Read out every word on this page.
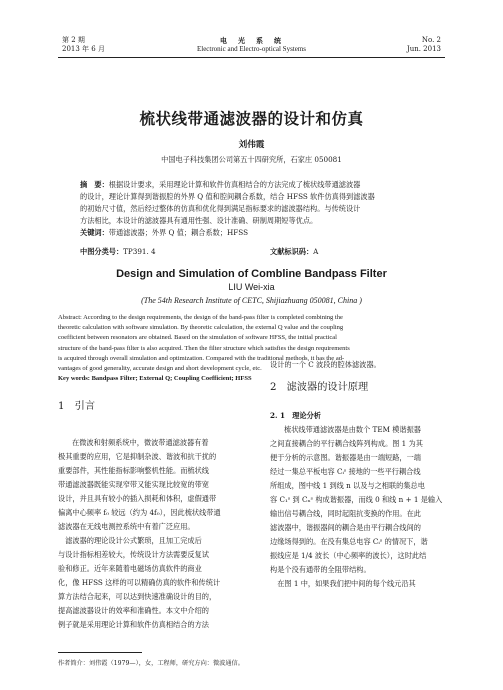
第 2 期
2013 年 6 月
电　光　系　统
Electronic and Electro-optical Systems
No. 2
Jun. 2013
梳状线带通滤波器的设计和仿真
刘伟霞
中国电子科技集团公司第五十四研究所，石家庄 050081
摘　要：根据设计要求，采用理论计算和软件仿真相结合的方法完成了梳状线带通滤波器
的设计，理论计算得到谐振腔的外界 Q 值和腔间耦合系数，结合 HFSS 软件仿真得到滤波器
的初始尺寸值，然后经过整体的仿真和优化得到满足指标要求的滤波器结构。与传统设计
方法相比，本设计的滤波器具有通用性强、设计准确、研制周期短等优点。
关键词：带通滤波器；外界 Q 值；耦合系数；HFSS
中图分类号：TP391. 4	文献标识码：A
Design and Simulation of Combline Bandpass Filter
LIU Wei-xia
(The 54th Research Institute of CETC, Shijiazhuang 050081, China )
Abstract: According to the design requirements, the design of the band-pass filter is completed combining the
theoretic calculation with software simulation. By theoretic calculation, the external Q value and the coupling
coefficient between resonators are obtained. Based on the simulation of software HFSS, the initial practical
structure of the band-pass filter is also acquired. Then the filter structure which satisfies the design requirements
is acquired through overall simulation and optimization. Compared with the traditional methods, it has the ad-
vantages of good generality, accurate design and short development cycle, etc.
Key words: Bandpass Filter; External Q; Coupling Coefficient; HFSS
1　引言
在微波和射频系统中，微波带通滤波器有着
极其重要的应用，它是抑制杂波、谐波和抗干扰的
重要部件，其性能指标影响整机性能。而梳状线
带通滤波器既能实现窄带又能实现比较宽的带宽
设计，并且具有较小的插入损耗和体积，虚假通带
偏离中心频率 f₀ 较远（约为 4f₀），因此梳状线带通
滤波器在无线电测控系统中有着广泛应用。
　滤波器的理论设计公式繁琐，且加工完成后
与设计指标相差较大，传统设计方法需要反复试
验和修正。近年来随着电磁场仿真软件的商业
化，像 HFSS 这样的可以精确仿真的软件和传统计
算方法结合起来，可以达到快速准确设计的目的，
提高滤波器设计的效率和准确性。本文中介绍的
例子就是采用理论计算和软件仿真相结合的方法
设计的一个 C 波段的腔体滤波器。
2　滤波器的设计原理
2. 1　理论分析
梳状线带通滤波器是由数个 TEM 模谐振器
之间直接耦合的平行耦合线阵列构成。图 1 为其
便于分析的示意图。谐振器是由一端短路，一端
经过一集总平板电容 Cᵢˢ 接地的一些平行耦合线
所组成，图中线 1 到线 n 以及与之相联的集总电
容 C₁ˢ 到 Cₙˢ 构成谐振器，而线 0 和线 n + 1 是输入
输出信号耦合线，同时起阻抗变换的作用。在此
滤波器中，谐振器间的耦合是由平行耦合线间的
边缘场得到的。在没有集总电容 Cᵢˢ 的情况下，谐
振线应是 1/4 波长（中心频率的波长），这时此结
构是个没有通带的全阻带结构。
　在图 1 中，如果我们把中间的每个线元沿其
作者简介：刘伟霞（1979—），女，工程师，研究方向：微波通信。
